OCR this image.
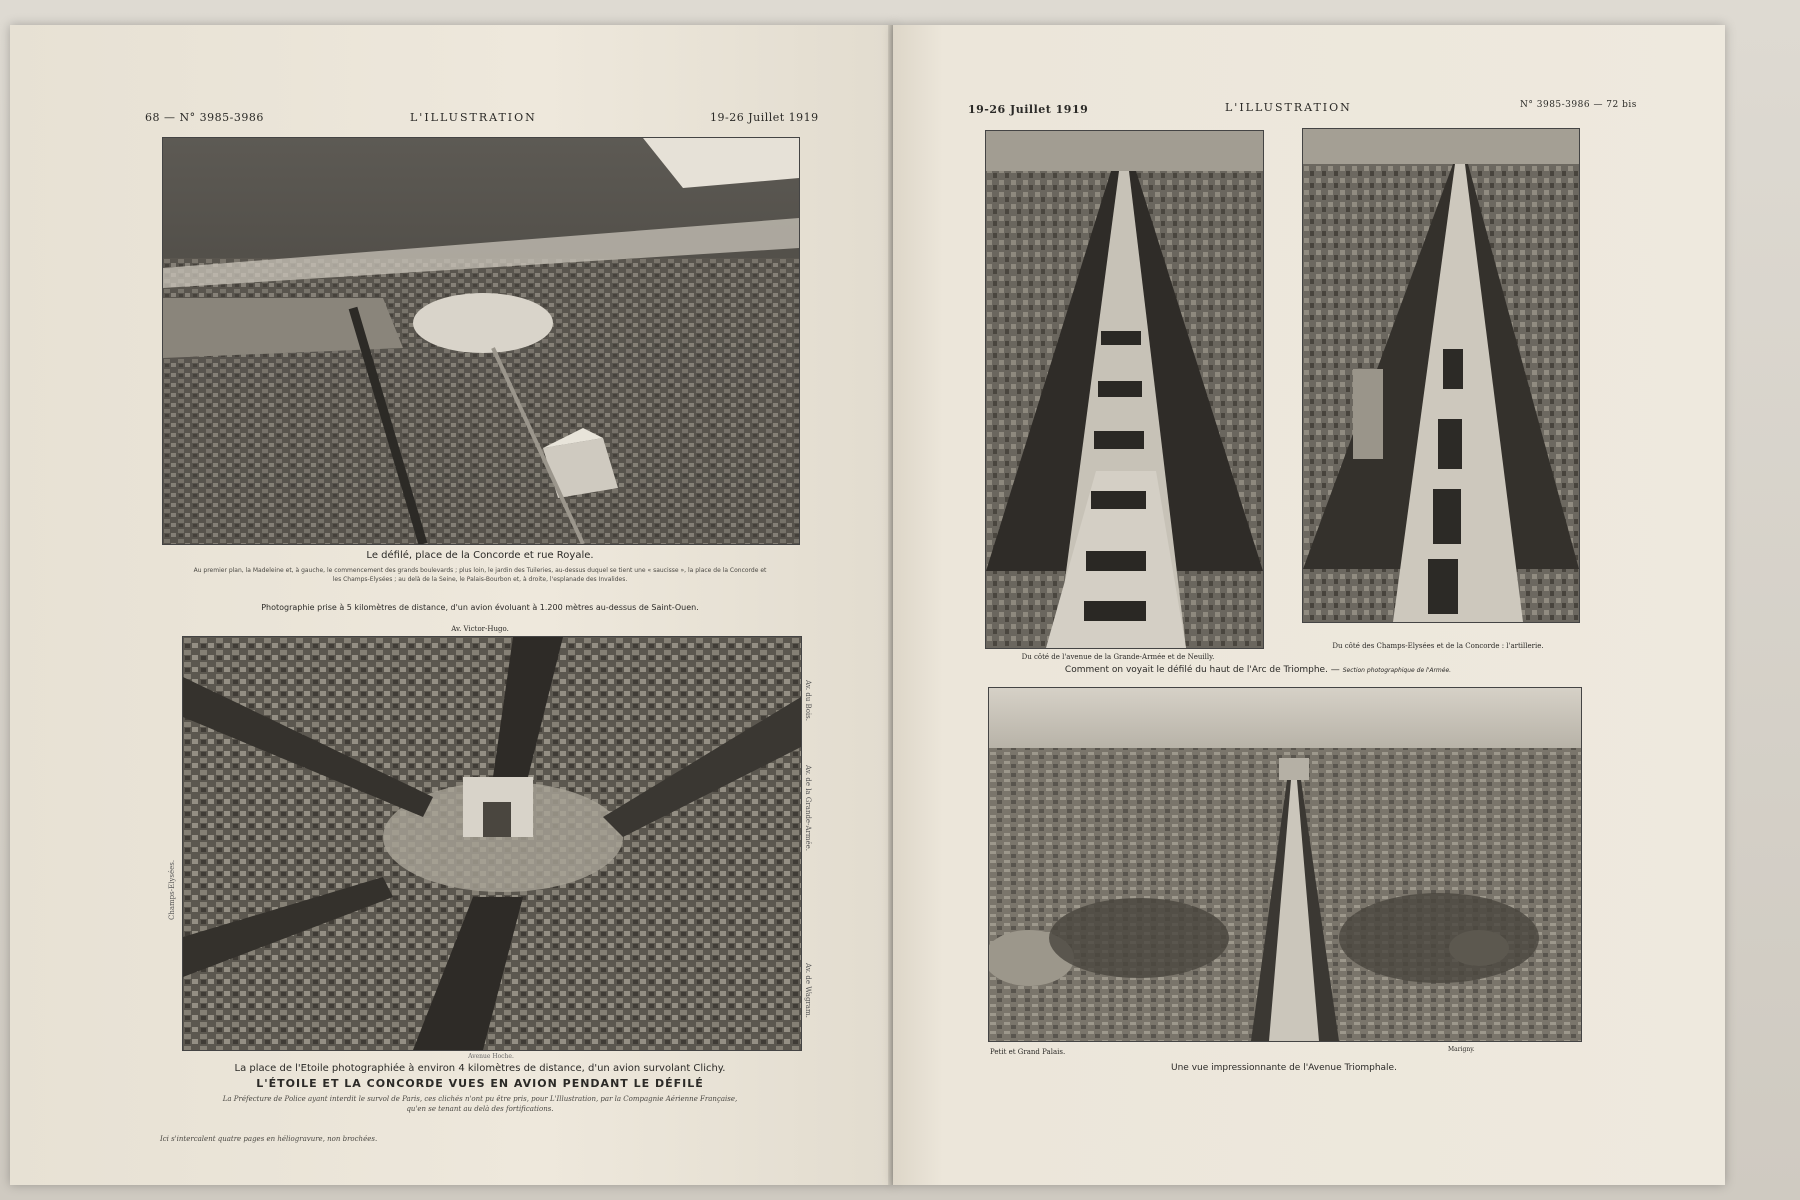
68 — N° 3985-3986	L'ILLUSTRATION	19-26 Juillet 1919
Le défilé, place de la Concorde et rue Royale.
Au premier plan, la Madeleine et, à gauche, le commencement des grands boulevards ; plus loin, le jardin des Tuileries, au-dessus duquel se tient une « saucisse », la place de la Concorde et les Champs-Elysées ; au delà de la Seine, le Palais-Bourbon et, à droite, l'esplanade des Invalides.
Photographie prise à 5 kilomètres de distance, d'un avion évoluant à 1.200 mètres au-dessus de Saint-Ouen.
Av. Victor-Hugo.
Avenue Hoche.
Champs-Elysées.
Av. du Bois.
Av. de la Grande-Armée.
Av. de Wagram.
La place de l'Etoile photographiée à environ 4 kilomètres de distance, d'un avion survolant Clichy.
L'ÉTOILE ET LA CONCORDE VUES EN AVION PENDANT LE DÉFILÉ
La Préfecture de Police ayant interdit le survol de Paris, ces clichés n'ont pu être pris, pour L'Illustration, par la Compagnie Aérienne Française, qu'en se tenant au delà des fortifications.
Ici s'intercalent quatre pages en héliogravure, non brochées.
19-26 Juillet 1919	L'ILLUSTRATION	N° 3985-3986 — 72 bis
Du côté de l'avenue de la Grande-Armée et de Neuilly.
Du côté des Champs-Elysées et de la Concorde : l'artillerie.
Comment on voyait le défilé du haut de l'Arc de Triomphe. — Section photographique de l'Armée.
Petit et Grand Palais.	Marigny.
Une vue impressionnante de l'Avenue Triomphale.
